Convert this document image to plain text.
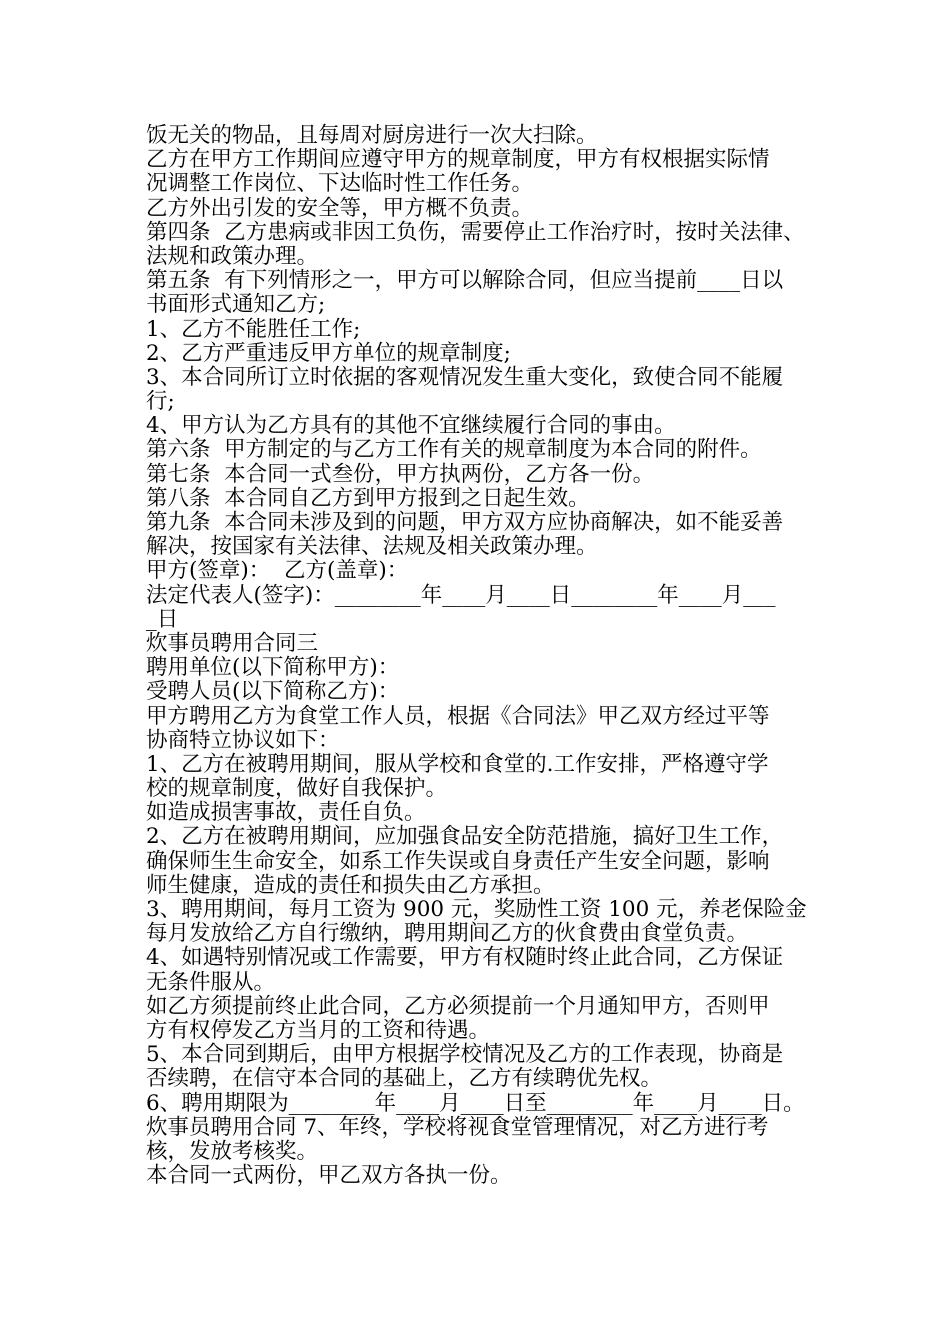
饭无关的物品，且每周对厨房进行一次大扫除。

乙方在甲方工作期间应遵守甲方的规章制度，甲方有权根据实际情

况调整工作岗位、下达临时性工作任务。

乙方外出引发的安全等，甲方概不负责。

第四条  乙方患病或非因工负伤，需要停止工作治疗时，按时关法律、

法规和政策办理。

第五条  有下列情形之一，甲方可以解除合同，但应当提前____日以

书面形式通知乙方;

1、乙方不能胜任工作;

2、乙方严重违反甲方单位的规章制度;

3、本合同所订立时依据的客观情况发生重大变化，致使合同不能履

行;

4、甲方认为乙方具有的其他不宜继续履行合同的事由。

第六条  甲方制定的与乙方工作有关的规章制度为本合同的附件。

第七条  本合同一式叁份，甲方执两份，乙方各一份。

第八条  本合同自乙方到甲方报到之日起生效。

第九条  本合同未涉及到的问题，甲方双方应协商解决，如不能妥善

解决，按国家有关法律、法规及相关政策办理。

甲方(签章)：  乙方(盖章)：

法定代表人(签字)：________年____月____日________年____月___

_日

炊事员聘用合同三

聘用单位(以下简称甲方)：

受聘人员(以下简称乙方)：

甲方聘用乙方为食堂工作人员，根据《合同法》甲乙双方经过平等

协商特立协议如下：

1、乙方在被聘用期间，服从学校和食堂的.工作安排，严格遵守学

校的规章制度，做好自我保护。

如造成损害事故，责任自负。

2、乙方在被聘用期间，应加强食品安全防范措施，搞好卫生工作，

确保师生生命安全，如系工作失误或自身责任产生安全问题，影响

师生健康，造成的责任和损失由乙方承担。

3、聘用期间，每月工资为 900 元，奖励性工资 100 元，养老保险金

每月发放给乙方自行缴纳，聘用期间乙方的伙食费由食堂负责。

4、如遇特别情况或工作需要，甲方有权随时终止此合同，乙方保证

无条件服从。

如乙方须提前终止此合同，乙方必须提前一个月通知甲方，否则甲

方有权停发乙方当月的工资和待遇。

5、本合同到期后，由甲方根据学校情况及乙方的工作表现，协商是

否续聘，在信守本合同的基础上，乙方有续聘优先权。

6、聘用期限为________年____月____日至________年____月____日。

炊事员聘用合同 7、年终，学校将视食堂管理情况，对乙方进行考

核，发放考核奖。

本合同一式两份，甲乙双方各执一份。
